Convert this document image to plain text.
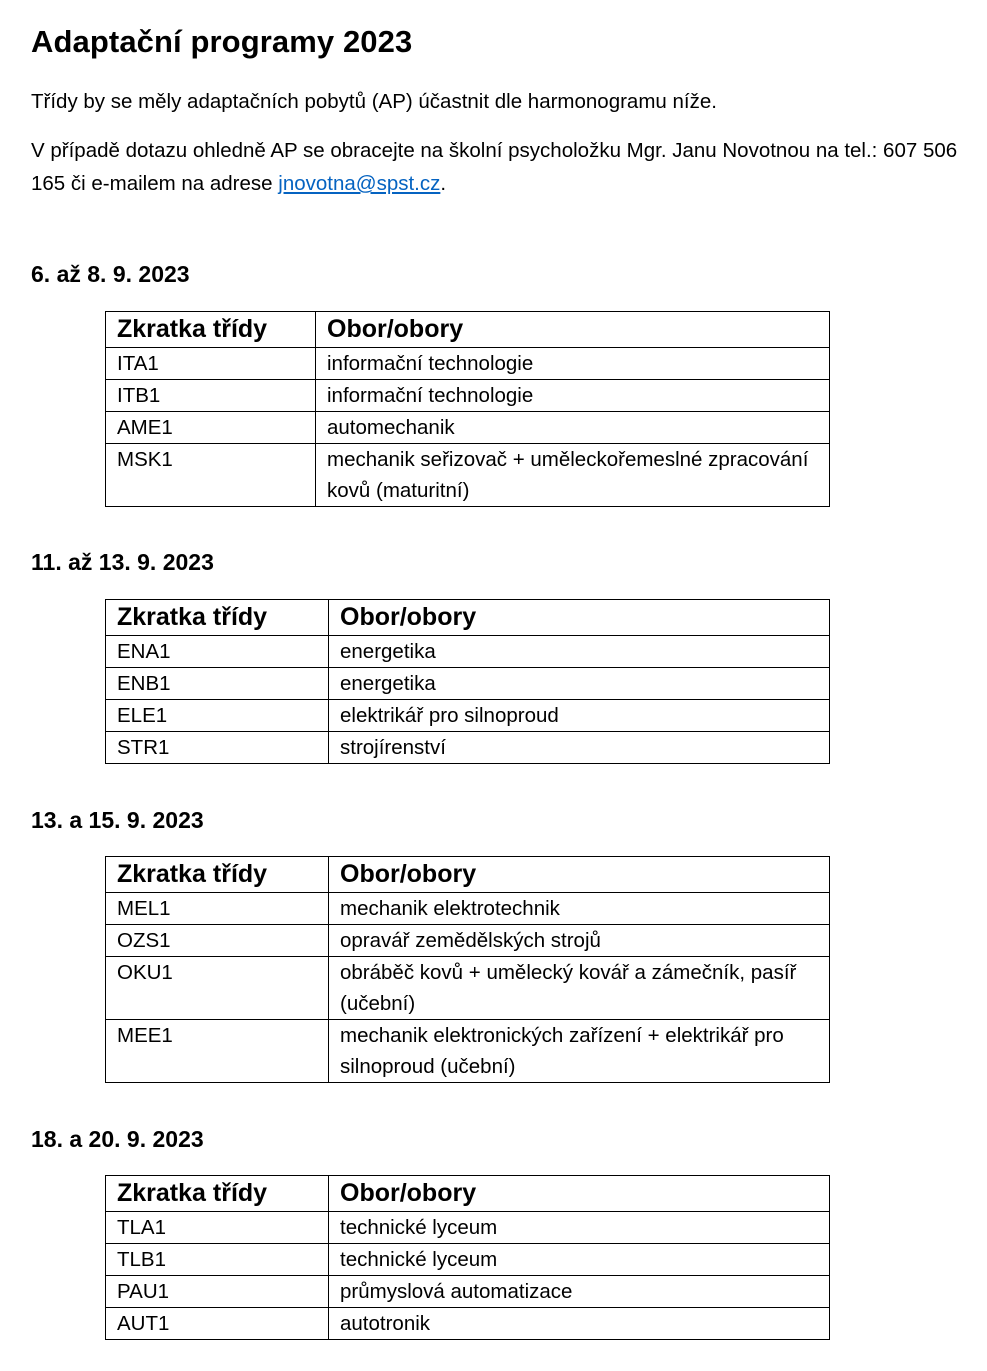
Adaptační programy 2023

Třídy by se měly adaptačních pobytů (AP) účastnit dle harmonogramu níže.

V případě dotazu ohledně AP se obracejte na školní psycholožku Mgr. Janu Novotnou na tel.: 607 506 165 či e-mailem na adrese jnovotna@spst.cz.

6. až 8. 9. 2023
Zkratka třídy	Obor/obory
ITA1	informační technologie
ITB1	informační technologie
AME1	automechanik
MSK1	mechanik seřizovač + uměleckořemeslné zpracování kovů (maturitní)
11. až 13. 9. 2023
Zkratka třídy	Obor/obory
ENA1	energetika
ENB1	energetika
ELE1	elektrikář pro silnoproud
STR1	strojírenství
13. a 15. 9. 2023
Zkratka třídy	Obor/obory
MEL1	mechanik elektrotechnik
OZS1	opravář zemědělských strojů
OKU1	obráběč kovů + umělecký kovář a zámečník, pasíř (učební)
MEE1	mechanik elektronických zařízení + elektrikář pro silnoproud (učební)
18. a 20. 9. 2023
Zkratka třídy	Obor/obory
TLA1	technické lyceum
TLB1	technické lyceum
PAU1	průmyslová automatizace
AUT1	autotronik
